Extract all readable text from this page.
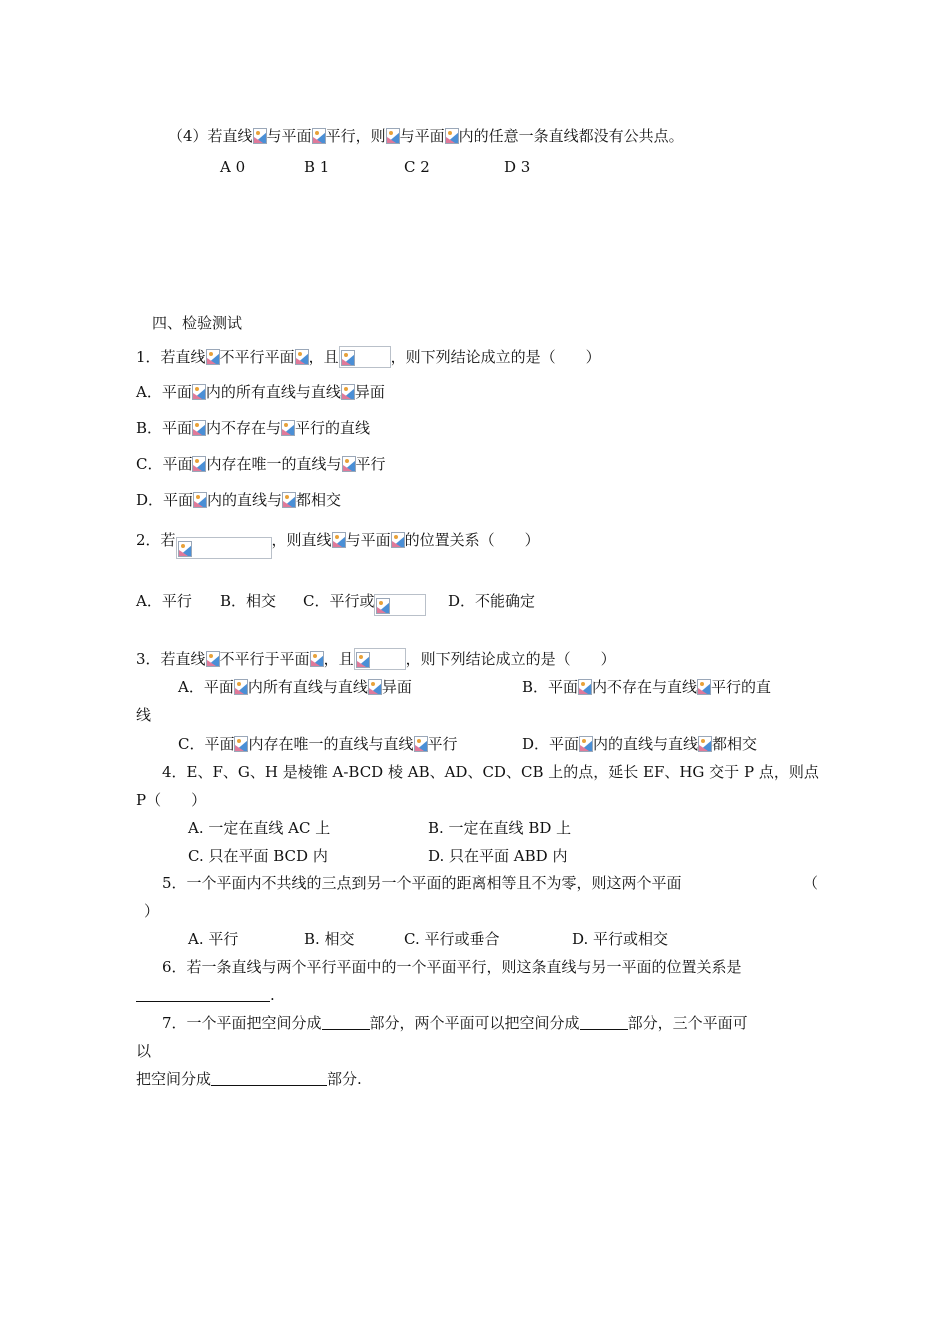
（4）若直线 与平面 平行，则 与平面 内的任意一条直线都没有公共点。
A 0	B 1	C 2	D 3
四、检验测试
1．若直线 不平行平面 ，且	，则下列结论成立的是（　　）
A．平面 内的所有直线与直线 异面
B．平面 内不存在与 平行的直线
C．平面 内存在唯一的直线与 平行
D．平面 内的直线与 都相交
2．若	，则直线 与平面 的位置关系（　　）
A．平行 B．相交 C．平行或	D．不能确定
3．若直线 不平行于平面 ，且	，则下列结论成立的是（　　）
A．平面 内所有直线与直线 异面	B．平面 内不存在与直线 平行的直
线
C．平面 内存在唯一的直线与直线 平行	D．平面 内的直线与直线 都相交
4．E、F、G、H 是棱锥 A-BCD 棱 AB、AD、CD、CB 上的点，延长 EF、HG 交于 P 点，则点
P（　　）
A. 一定在直线 AC 上	B. 一定在直线 BD 上
C. 只在平面 BCD 内	D. 只在平面 ABD 内
5．一个平面内不共线的三点到另一个平面的距离相等且不为零，则这两个平面	（
）
A. 平行	B. 相交	C. 平行或垂合	D. 平行或相交
6．若一条直线与两个平行平面中的一个平面平行，则这条直线与另一平面的位置关系是
.
7．一个平面把空间分成	部分，两个平面可以把空间分成	部分，三个平面可
以
把空间分成	部分.
